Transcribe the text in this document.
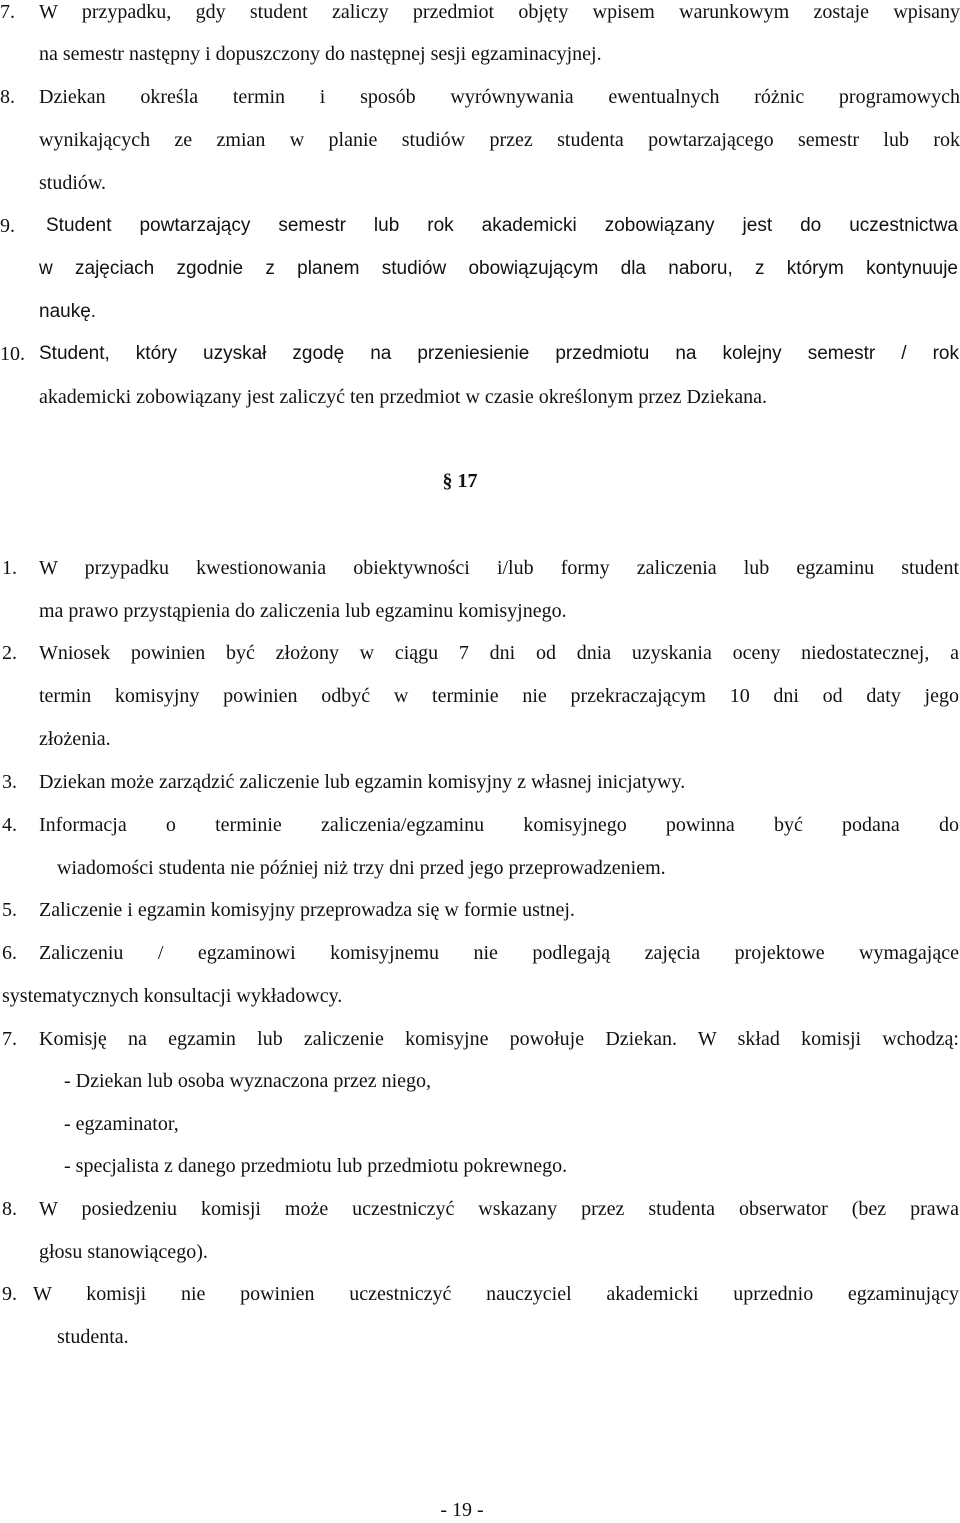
7. W przypadku, gdy student zaliczy przedmiot objęty wpisem warunkowym zostaje wpisany
na semestr następny i dopuszczony do następnej sesji egzaminacyjnej.
8. Dziekan określa termin i sposób wyrównywania ewentualnych różnic programowych
wynikających ze zmian w planie studiów przez studenta powtarzającego semestr lub rok
studiów.
9. Student powtarzający semestr lub rok akademicki zobowiązany jest do uczestnictwa
w zajęciach zgodnie z planem studiów obowiązującym dla naboru, z którym kontynuuje
naukę.
10. Student, który uzyskał zgodę na przeniesienie przedmiotu na kolejny semestr / rok
akademicki zobowiązany jest zaliczyć ten przedmiot w czasie określonym przez Dziekana.
§ 17
1. W przypadku kwestionowania obiektywności i/lub formy zaliczenia lub egzaminu student
ma prawo przystąpienia do zaliczenia lub egzaminu komisyjnego.
2. Wniosek powinien być złożony w ciągu 7 dni od dnia uzyskania oceny niedostatecznej, a
termin komisyjny powinien odbyć w terminie nie przekraczającym 10 dni od daty jego
złożenia.
3. Dziekan może zarządzić zaliczenie lub egzamin komisyjny z własnej inicjatywy.
4. Informacja o terminie zaliczenia/egzaminu komisyjnego powinna być podana do
wiadomości studenta nie później niż trzy dni przed jego przeprowadzeniem.
5. Zaliczenie i egzamin komisyjny przeprowadza się w formie ustnej.
6. Zaliczeniu / egzaminowi komisyjnemu nie podlegają zajęcia projektowe wymagające
systematycznych konsultacji wykładowcy.
7. Komisję na egzamin lub zaliczenie komisyjne powołuje Dziekan. W skład komisji wchodzą:
- Dziekan lub osoba wyznaczona przez niego,
- egzaminator,
- specjalista z danego przedmiotu lub przedmiotu pokrewnego.
8. W posiedzeniu komisji może uczestniczyć wskazany przez studenta obserwator (bez prawa
głosu stanowiącego).
9. W komisji nie powinien uczestniczyć nauczyciel akademicki uprzednio egzaminujący
studenta.
- 19 -
